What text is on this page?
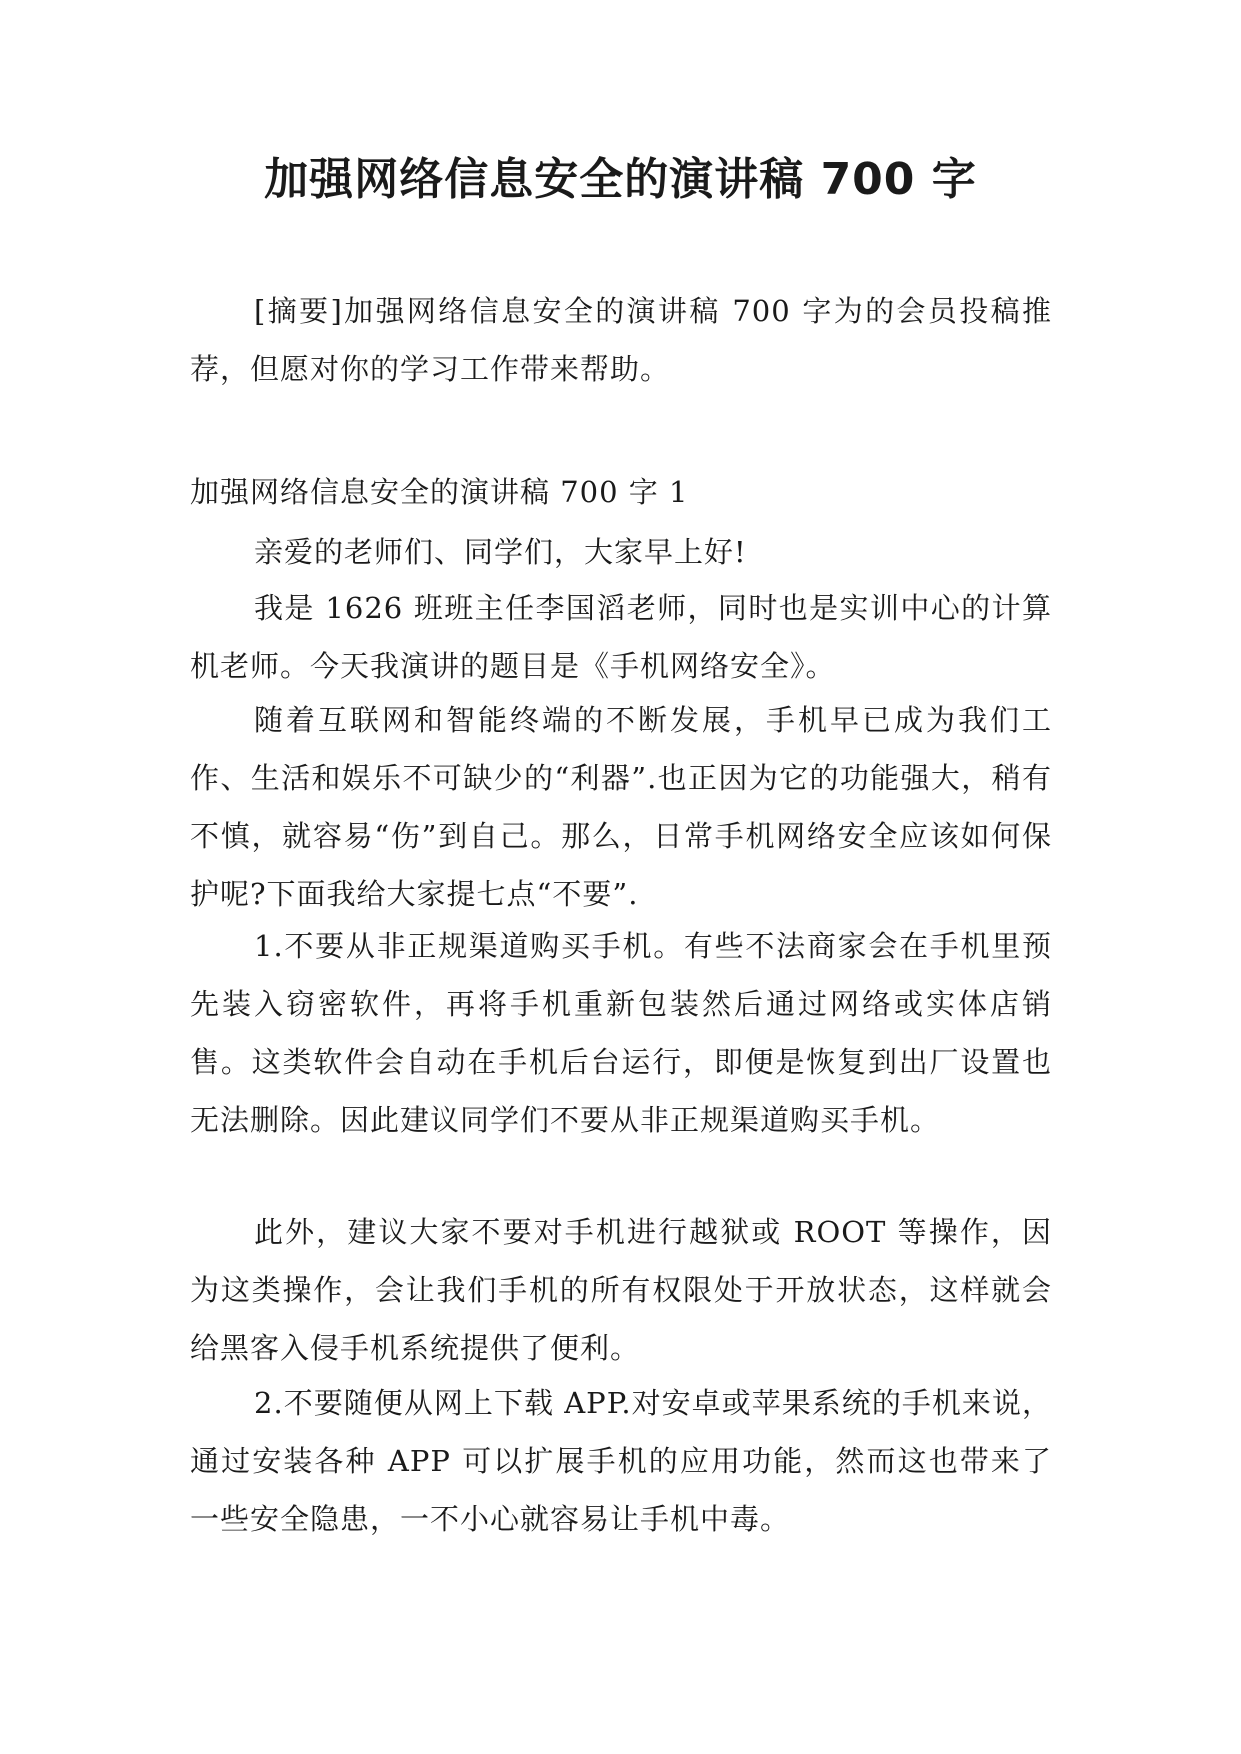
加强网络信息安全的演讲稿 700 字

[摘要]加强网络信息安全的演讲稿 700 字为的会员投稿推荐，但愿对你的学习工作带来帮助。

加强网络信息安全的演讲稿 700 字 1

亲爱的老师们、同学们，大家早上好!

我是 1626 班班主任李国滔老师，同时也是实训中心的计算机老师。今天我演讲的题目是《手机网络安全》。

随着互联网和智能终端的不断发展，手机早已成为我们工作、生活和娱乐不可缺少的“利器”.也正因为它的功能强大，稍有不慎，就容易“伤”到自己。那么，日常手机网络安全应该如何保护呢?下面我给大家提七点“不要”.

1.不要从非正规渠道购买手机。有些不法商家会在手机里预先装入窃密软件，再将手机重新包装然后通过网络或实体店销售。这类软件会自动在手机后台运行，即便是恢复到出厂设置也无法删除。因此建议同学们不要从非正规渠道购买手机。

此外，建议大家不要对手机进行越狱或 ROOT 等操作，因为这类操作，会让我们手机的所有权限处于开放状态，这样就会给黑客入侵手机系统提供了便利。

2.不要随便从网上下载 APP.对安卓或苹果系统的手机来说，通过安装各种 APP 可以扩展手机的应用功能，然而这也带来了一些安全隐患，一不小心就容易让手机中毒。
